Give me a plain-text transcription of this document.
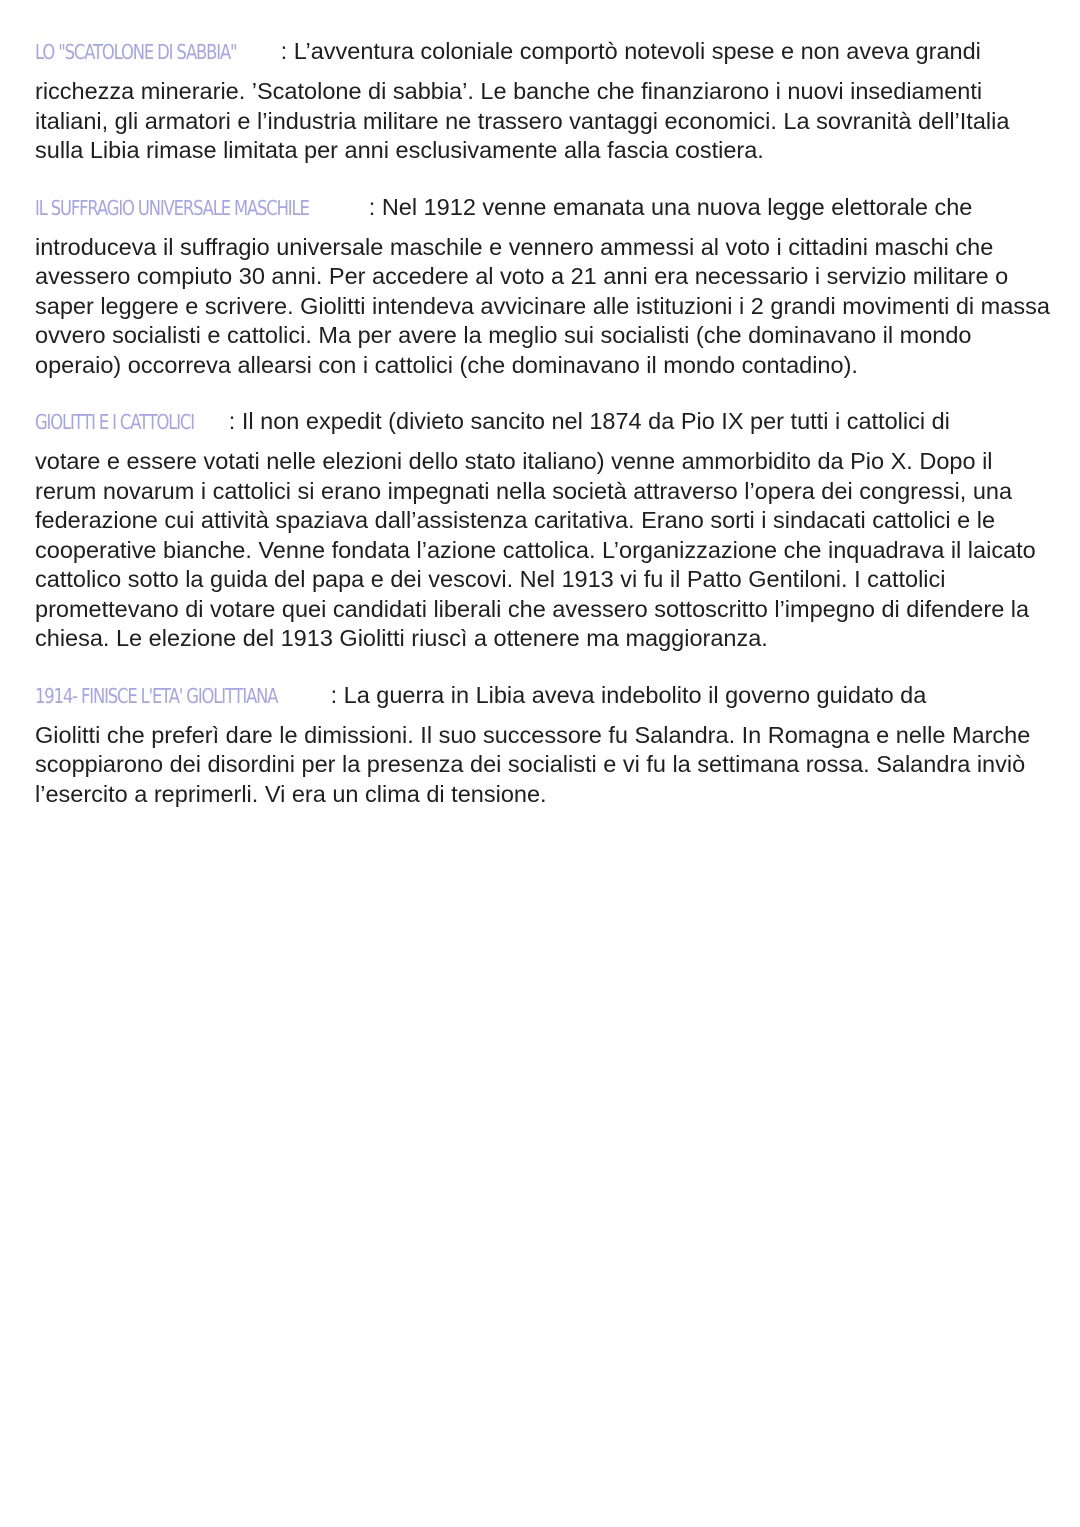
LO "SCATOLONE DI SABBIA" : L’avventura coloniale comportò notevoli spese e non aveva grandi

ricchezza minerarie. ’Scatolone di sabbia’. Le banche che finanziarono i nuovi insediamenti italiani, gli armatori e l’industria militare ne trassero vantaggi economici. La sovranità dell’Italia sulla Libia rimase limitata per anni esclusivamente alla fascia costiera.

IL SUFFRAGIO UNIVERSALE MASCHILE	: Nel 1912 venne emanata una nuova legge elettorale che

introduceva il suffragio universale maschile e vennero ammessi al voto i cittadini maschi che avessero compiuto 30 anni. Per accedere al voto a 21 anni era necessario i servizio militare o saper leggere e scrivere. Giolitti intendeva avvicinare alle istituzioni i 2 grandi movimenti di massa ovvero socialisti e cattolici. Ma per avere la meglio sui socialisti (che dominavano il mondo operaio) occorreva allearsi con i cattolici (che dominavano il mondo contadino).

GIOLITTI E I CATTOLICI : Il non expedit (divieto sancito nel 1874 da Pio IX per tutti i cattolici di

votare e essere votati nelle elezioni dello stato italiano) venne ammorbidito da Pio X. Dopo il rerum novarum i cattolici si erano impegnati nella società attraverso l’opera dei congressi, una federazione cui attività spaziava dall’assistenza caritativa. Erano sorti i sindacati cattolici e le cooperative bianche. Venne fondata l’azione cattolica. L’organizzazione che inquadrava il laicato cattolico sotto la guida del papa e dei vescovi. Nel 1913 vi fu il Patto Gentiloni. I cattolici promettevano di votare quei candidati liberali che avessero sottoscritto l’impegno di difendere la chiesa. Le elezione del 1913 Giolitti riuscì a ottenere ma maggioranza.

1914- FINISCE L'ETA' GIOLITTIANA : La guerra in Libia aveva indebolito il governo guidato da

Giolitti che preferì dare le dimissioni. Il suo successore fu Salandra. In Romagna e nelle Marche scoppiarono dei disordini per la presenza dei socialisti e vi fu la settimana rossa. Salandra inviò l’esercito a reprimerli. Vi era un clima di tensione.
